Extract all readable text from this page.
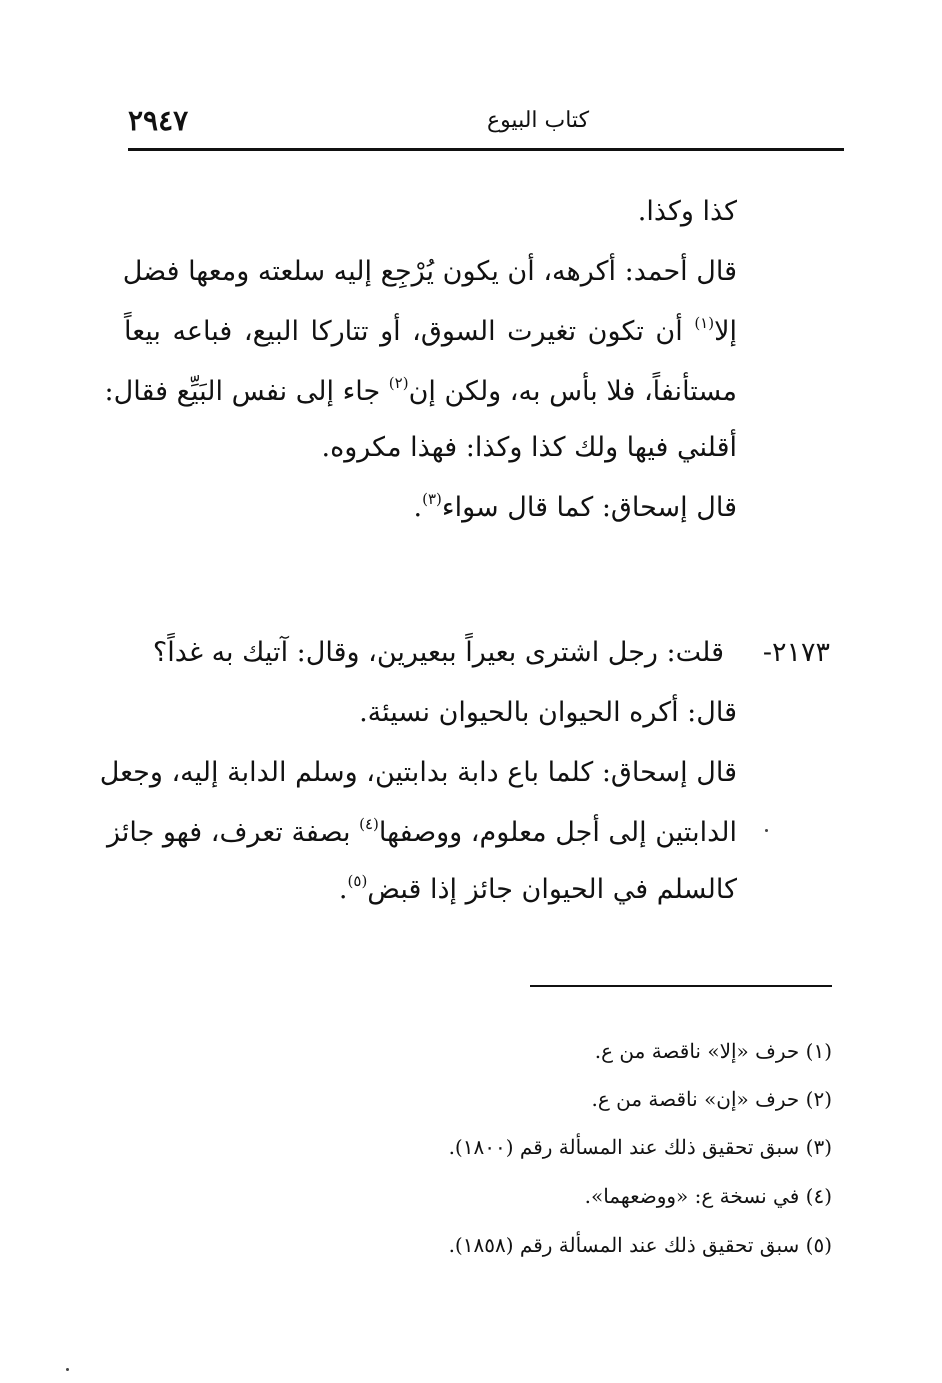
٢٩٤٧	كتاب البيوع
كذا وكذا.
قال أحمد: أكرهه، أن يكون يُرْجِع إليه سلعته ومعها فضل
إلا$^{(١)}$ أن تكون تغيرت السوق، أو تتاركا البيع، فباعه بيعاً
مستأنفاً، فلا بأس به، ولكن إن$^{(٢)}$ جاء إلى نفس البَيِّع فقال:
أقلني فيها ولك كذا وكذا: فهذا مكروه.
قال إسحاق: كما قال سواء$^{(٣)}$.
٢١٧٣-
قلت: رجل اشترى بعيراً ببعيرين، وقال: آتيك به غداً؟
قال: أكره الحيوان بالحيوان نسيئة.
قال إسحاق: كلما باع دابة بدابتين، وسلم الدابة إليه، وجعل
الدابتين إلى أجل معلوم، ووصفها$^{(٤)}$ بصفة تعرف، فهو جائز
كالسلم في الحيوان جائز إذا قبض$^{(٥)}$.
(١) حرف «إلا» ناقصة من ع.
(٢) حرف «إن» ناقصة من ع.
(٣) سبق تحقيق ذلك عند المسألة رقم (١٨٠٠).
(٤) في نسخة ع: «ووضعهما».
(٥) سبق تحقيق ذلك عند المسألة رقم (١٨٥٨).
